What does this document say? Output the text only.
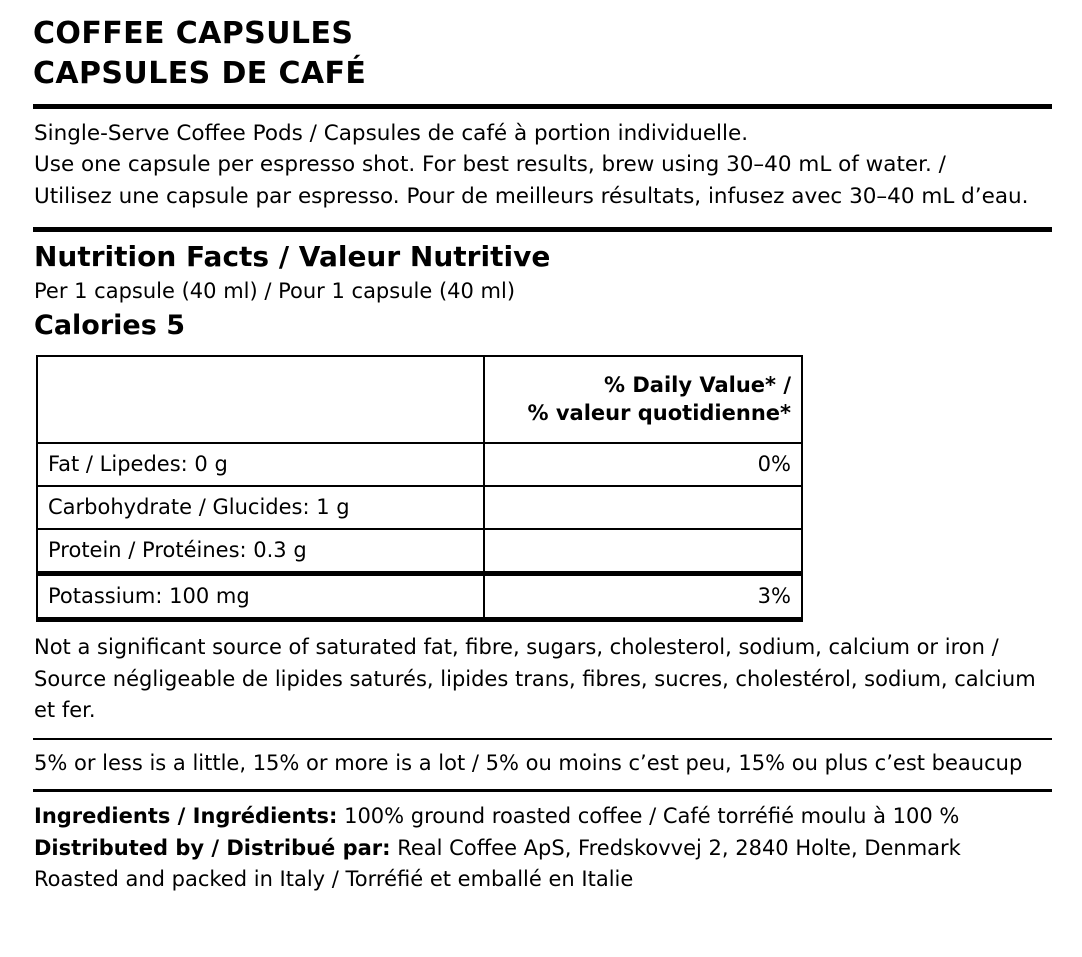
COFFEE CAPSULES
CAPSULES DE CAFÉ
Single-Serve Coffee Pods / Capsules de café à portion individuelle.
Use one capsule per espresso shot. For best results, brew using 30–40 mL of water. /
Utilisez une capsule par espresso. Pour de meilleurs résultats, infusez avec 30–40 mL d’eau.
Nutrition Facts / Valeur Nutritive
Per 1 capsule (40 ml) / Pour 1 capsule (40 ml)
Calories 5

	% Daily Value* /
% valeur quotidienne*

Fat / Lipedes: 0 g	0%
Carbohydrate / Glucides: 1 g	
Protein / Protéines: 0.3 g	
Potassium: 100 mg	3%
Not a significant source of saturated fat, fibre, sugars, cholesterol, sodium, calcium or iron /
Source négligeable de lipides saturés, lipides trans, fibres, sucres, cholestérol, sodium, calcium
et fer.
5% or less is a little, 15% or more is a lot / 5% ou moins c’est peu, 15% ou plus c’est beaucup
Ingredients / Ingrédients: 100% ground roasted coffee / Café torréfié moulu à 100 %
Distributed by / Distribué par: Real Coffee ApS, Fredskovvej 2, 2840 Holte, Denmark
Roasted and packed in Italy / Torréfié et emballé en Italie
